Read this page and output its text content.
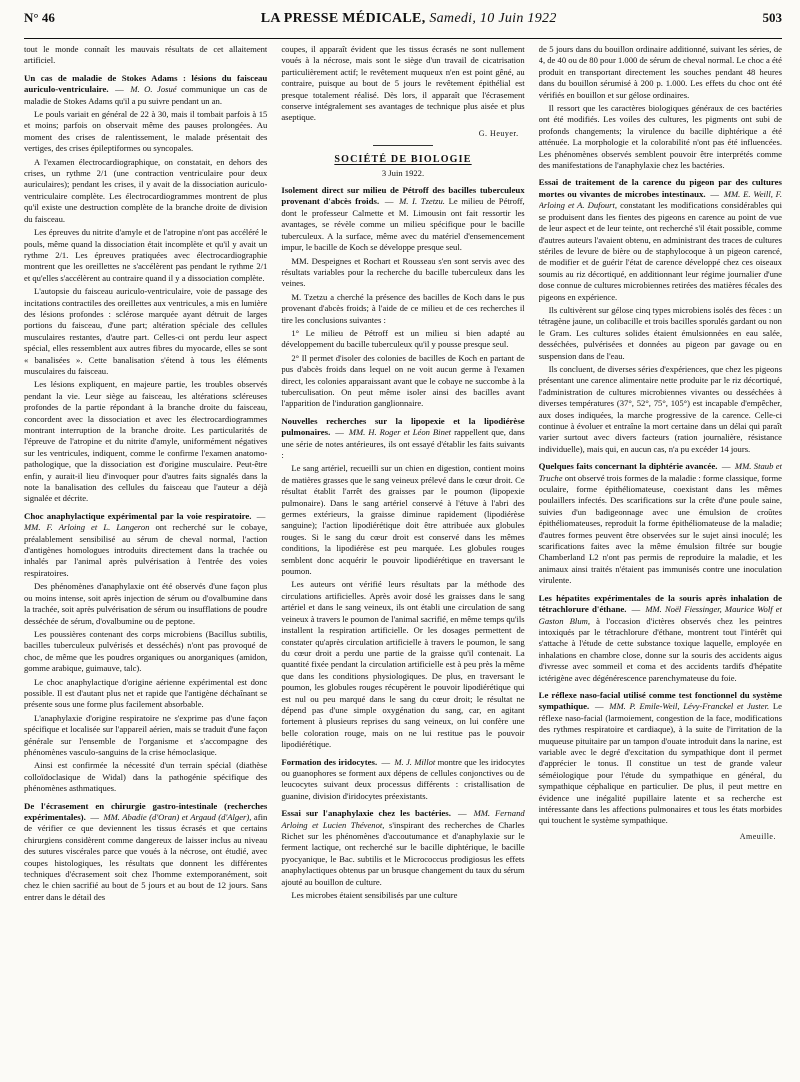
N° 46	LA PRESSE MÉDICALE, Samedi, 10 Juin 1922	503

tout le monde connaît les mauvais résultats de cet allaitement artificiel.

Un cas de maladie de Stokes Adams : lésions du faisceau auriculo-ventriculaire. — M. O. Josué communique un cas de maladie de Stokes Adams qu'il a pu suivre pendant un an.

Le pouls variait en général de 22 à 30, mais il tombait parfois à 15 et moins; parfois on observait même des pauses prolongées. Au moment des crises de ralentissement, le malade présentait des vertiges, des crises épileptiformes ou syncopales.

A l'examen électrocardiographique, on constatait, en dehors des crises, un rythme 2/1 (une contraction ventriculaire pour deux auriculaires); pendant les crises, il y avait de la dissociation auriculo-ventriculaire complète. Les électrocardiogrammes montrent de plus qu'il existe une destruction complète de la branche droite de division du faisceau.

Les épreuves du nitrite d'amyle et de l'atropine n'ont pas accéléré le pouls, même quand la dissociation était incomplète et qu'il y avait un rythme 2/1. Les épreuves pratiquées avec électrocardiographie montrent que les oreillettes ne s'accélèrent pas pendant le rythme 2/1 et qu'elles s'accélèrent au contraire quand il y a dissociation complète.

L'autopsie du faisceau auriculo-ventriculaire, voie de passage des incitations contractiles des oreillettes aux ventricules, a mis en lumière des lésions profondes : sclérose marquée ayant détruit de larges portions du faisceau, d'une part; altération spéciale des cellules musculaires restantes, d'autre part. Celles-ci ont perdu leur aspect spécial, elles ressemblent aux autres fibres du myocarde, elles se sont « banalisées ». Cette banalisation s'étend à tous les éléments musculaires du faisceau.

Les lésions expliquent, en majeure partie, les troubles observés pendant la vie. Leur siège au faisceau, les altérations scléreuses profondes de la partie répondant à la branche droite du faisceau, concordent avec la dissociation et avec les électrocardiogrammes montrant interruption de la branche droite. Les particularités de l'épreuve de l'atropine et du nitrite d'amyle, uniformément négatives sur les ventricules, indiquent, comme le confirme l'examen anatomo-pathologique, que la dissociation est d'origine musculaire. Peut-être enfin, y aurait-il lieu d'invoquer pour d'autres faits signalés dans la note la banalisation des cellules du faisceau que l'auteur a déjà signalée et décrite.

Choc anaphylactique expérimental par la voie respiratoire. — MM. F. Arloing et L. Langeron ont recherché sur le cobaye, préalablement sensibilisé au sérum de cheval normal, l'action d'antigènes homologues introduits directement dans la trachée ou inhalés par l'animal après pulvérisation à l'entrée des voies respiratoires.

Des phénomènes d'anaphylaxie ont été observés d'une façon plus ou moins intense, soit après injection de sérum ou d'ovalbumine dans la trachée, soit après pulvérisation de sérum ou insufflations de poudre desséchée de sérum, d'ovalbumine ou de peptone.

Les poussières contenant des corps microbiens (Bacillus subtilis, bacilles tuberculeux pulvérisés et desséchés) n'ont pas provoqué de choc, de même que les poudres organiques ou anorganiques (amidon, gomme arabique, guimauve, talc).

Le choc anaphylactique d'origine aérienne expérimental est donc possible. Il est d'autant plus net et rapide que l'antigène déchaînant se présente sous une forme plus facilement absorbable.

L'anaphylaxie d'origine respiratoire ne s'exprime pas d'une façon spécifique et localisée sur l'appareil aérien, mais se traduit d'une façon générale sur l'ensemble de l'organisme et s'accompagne des phénomènes vasculo-sanguins de la crise hémoclasique.

Ainsi est confirmée la nécessité d'un terrain spécial (diathèse colloïdoclasique de Widal) dans la pathogénie spécifique des phénomènes asthmatiques.

De l'écrasement en chirurgie gastro-intestinale (recherches expérimentales). — MM. Abadie (d'Oran) et Argaud (d'Alger), afin de vérifier ce que deviennent les tissus écrasés et que certains chirurgiens considèrent comme dangereux de laisser inclus au niveau des sutures viscérales parce que voués à la nécrose, ont étudié, avec coupes histologiques, les résultats que donnent les différentes techniques d'écrasement soit chez l'homme extemporanément, soit chez le chien sacrifié au bout de 5 jours et au bout de 12 jours. Sans entrer dans le détail des

coupes, il apparaît évident que les tissus écrasés ne sont nullement voués à la nécrose, mais sont le siège d'un travail de cicatrisation particulièrement actif; le revêtement muqueux n'en est point gêné, au contraire, puisque au bout de 5 jours le revêtement épithélial est presque totalement réalisé. Dès lors, il apparaît que l'écrasement conserve intégralement ses avantages de technique plus aisée et plus aseptique.

G. Heuyer.
SOCIÉTÉ DE BIOLOGIE
3 Juin 1922.
Isolement direct sur milieu de Pétroff des bacilles tuberculeux provenant d'abcès froids. — M. I. Tzetzu. Le milieu de Pétroff, dont le professeur Calmette et M. Limousin ont fait ressortir les avantages, se révèle comme un milieu spécifique pour le bacille tuberculeux. A la surface, même avec du matériel d'ensemencement impur, le bacille de Koch se développe presque seul.

MM. Despeignes et Rochart et Rousseau s'en sont servis avec des résultats variables pour la recherche du bacille tuberculeux dans les veines.

M. Tzetzu a cherché la présence des bacilles de Koch dans le pus provenant d'abcès froids; à l'aide de ce milieu et de ces recherches il tire les conclusions suivantes :

1° Le milieu de Pétroff est un milieu si bien adapté au développement du bacille tuberculeux qu'il y pousse presque seul.

2° Il permet d'isoler des colonies de bacilles de Koch en partant de pus d'abcès froids dans lequel on ne voit aucun germe à l'examen direct, les colonies apparaissant avant que le cobaye ne succombe à la tuberculisation. On peut même isoler ainsi des bacilles avant l'apparition de l'induration ganglionnaire.

Nouvelles recherches sur la lipopexie et la lipodiérèse pulmonaires. — MM. H. Roger et Léon Binet rappellent que, dans une série de notes antérieures, ils ont essayé d'établir les faits suivants :

Le sang artériel, recueilli sur un chien en digestion, contient moins de matières grasses que le sang veineux prélevé dans le cœur droit. Ce résultat établit l'arrêt des graisses par le poumon (lipopexie pulmonaire). Dans le sang artériel conservé à l'étuve à l'abri des germes extérieurs, la graisse diminue rapidement (lipodiérèse sanguine); l'action lipodiérétique doit être attribuée aux globules rouges. Si le sang du cœur droit est conservé dans les mêmes conditions, la lipodiérèse est peu marquée. Les globules rouges semblent donc acquérir le pouvoir lipodiérétique en traversant le poumon.

Les auteurs ont vérifié leurs résultats par la méthode des circulations artificielles. Après avoir dosé les graisses dans le sang artériel et dans le sang veineux, ils ont établi une circulation de sang veineux à travers le poumon de l'animal sacrifié, en même temps qu'ils installent la respiration artificielle. Or les dosages permettent de constater qu'après circulation artificielle à travers le poumon, le sang du cœur droit a perdu une partie de la graisse qu'il contenait. La quantité fixée pendant la circulation artificielle est à peu près la même que dans les conditions physiologiques. De plus, en traversant le poumon, les globules rouges récupèrent le pouvoir lipodiérétique qui est nul ou peu marqué dans le sang du cœur droit; le résultat ne dépend pas d'une simple oxygénation du sang, car, en agitant fortement à plusieurs reprises du sang veineux, on lui confère une belle coloration rouge, mais on ne lui restitue pas le pouvoir lipodiérétique.

Formation des iridocytes. — M. J. Millot montre que les iridocytes ou guanophores se forment aux dépens de cellules conjonctives ou de leucocytes suivant deux processus différents : cristallisation de guanine, division d'iridocytes préexistants.
Essai sur l'anaphylaxie chez les bactéries. — MM. Fernand Arloing et Lucien Thévenot, s'inspirant des recherches de Charles Richet sur les phénomènes d'accoutumance et d'anaphylaxie sur le ferment lactique, ont recherché sur le bacille diphtérique, le bacille pyocyanique, le Bac. subtilis et le Micrococcus prodigiosus les effets anaphylactiques obtenus par un brusque changement du taux du sérum ajouté au bouillon de culture.

Les microbes étaient sensibilisés par une culture

de 5 jours dans du bouillon ordinaire additionné, suivant les séries, de 4, de 40 ou de 80 pour 1.000 de sérum de cheval normal. Le choc a été produit en transportant directement les souches pendant 48 heures dans du bouillon sérumisé à 200 p. 1.000. Les effets du choc ont été vérifiés en bouillon et sur gélose ordinaires.

Il ressort que les caractères biologiques généraux de ces bactéries ont été modifiés. Les voiles des cultures, les pigments ont subi de profonds changements; la virulence du bacille diphtérique a été atténuée. La morphologie et la colorabilité n'ont pas été influencées. Les phénomènes observés semblent pouvoir être interprétés comme des manifestations de l'anaphylaxie chez les bactéries.

Essai de traitement de la carence du pigeon par des cultures mortes ou vivantes de microbes intestinaux. — MM. E. Weill, F. Arloing et A. Dufourt, constatant les modifications considérables qui se produisent dans les fientes des pigeons en carence au point de vue de leur aspect et de leur teinte, ont recherché s'il était possible, comme d'autres auteurs l'avaient obtenu, en administrant des traces de cultures stériles de levure de bière ou de staphylocoque à un pigeon carencé, de modifier et de guérir l'état de carence développé chez ces oiseaux soumis au riz décortiqué, en additionnant leur régime journalier d'une dose connue de cultures microbiennes retirées des matières fécales des pigeons en expérience.

Ils cultivèrent sur gélose cinq types microbiens isolés des fèces : un tétragène jaune, un colibacille et trois bacilles sporulés gardant ou non le Gram. Les cultures solides étaient émulsionnées en eau salée, desséchées, pulvérisées et données au pigeon par gavage ou en suspension dans de l'eau.

Ils concluent, de diverses séries d'expériences, que chez les pigeons présentant une carence alimentaire nette produite par le riz décortiqué, l'administration de cultures microbiennes vivantes ou desséchées à diverses températures (37°, 52°, 75°, 105°) est incapable d'empêcher, aux doses indiquées, la marche progressive de la carence. Celle-ci continue à évoluer et entraîne la mort certaine dans un délai qui paraît varier surtout avec divers facteurs (ration journalière, résistance individuelle), mais qui, en aucun cas, n'a pu excéder 14 jours.

Quelques faits concernant la diphtérie avancée. — MM. Staub et Truche ont observé trois formes de la maladie : forme classique, forme oculaire, forme épithéliomateuse, coexistant dans les mêmes poulaillers infectés. Des scarifications sur la crête d'une poule saine, suivies d'un badigeonnage avec une émulsion de croûtes épithéliomateuses, reproduit la forme épithéliomateuse de la maladie; d'autres formes peuvent être observées sur le sujet ainsi inoculé; les scarifications faites avec la même émulsion filtrée sur bougie Chamberland L2 n'ont pas permis de reproduire la maladie, et les animaux ainsi traités n'étaient pas immunisés contre une inoculation virulente.
Les hépatites expérimentales de la souris après inhalation de tétrachlorure d'éthane. — MM. Noël Fiessinger, Maurice Wolf et Gaston Blum, à l'occasion d'ictères observés chez les peintres intoxiqués par le tétrachlorure d'éthane, montrent tout l'intérêt qui s'attache à l'étude de cette substance toxique laquelle, employée en inhalations en chambre close, donne sur la souris des accidents aigus d'ivresse avec sommeil et coma et des accidents tardifs d'hépatite ictérigène avec dégénérescence parenchymateuse du foie.
Le réflexe naso-facial utilisé comme test fonctionnel du système sympathique. — MM. P. Emile-Weil, Lévy-Franckel et Juster. Le réflexe naso-facial (larmoiement, congestion de la face, modifications des rythmes respiratoire et cardiaque), à la suite de l'irritation de la muqueuse pituitaire par un tampon d'ouate introduit dans la narine, est variable avec le degré d'excitation du sympathique dont il permet d'apprécier le tonus. Il constitue un test de grande valeur séméiologique pour l'étude du sympathique en général, du sympathique céphalique en particulier. De plus, il peut mettre en évidence une inégalité pupillaire latente et sa recherche est intéressante dans les affections pulmonaires et tous les états morbides qui touchent le système sympathique.
Ameuille.
